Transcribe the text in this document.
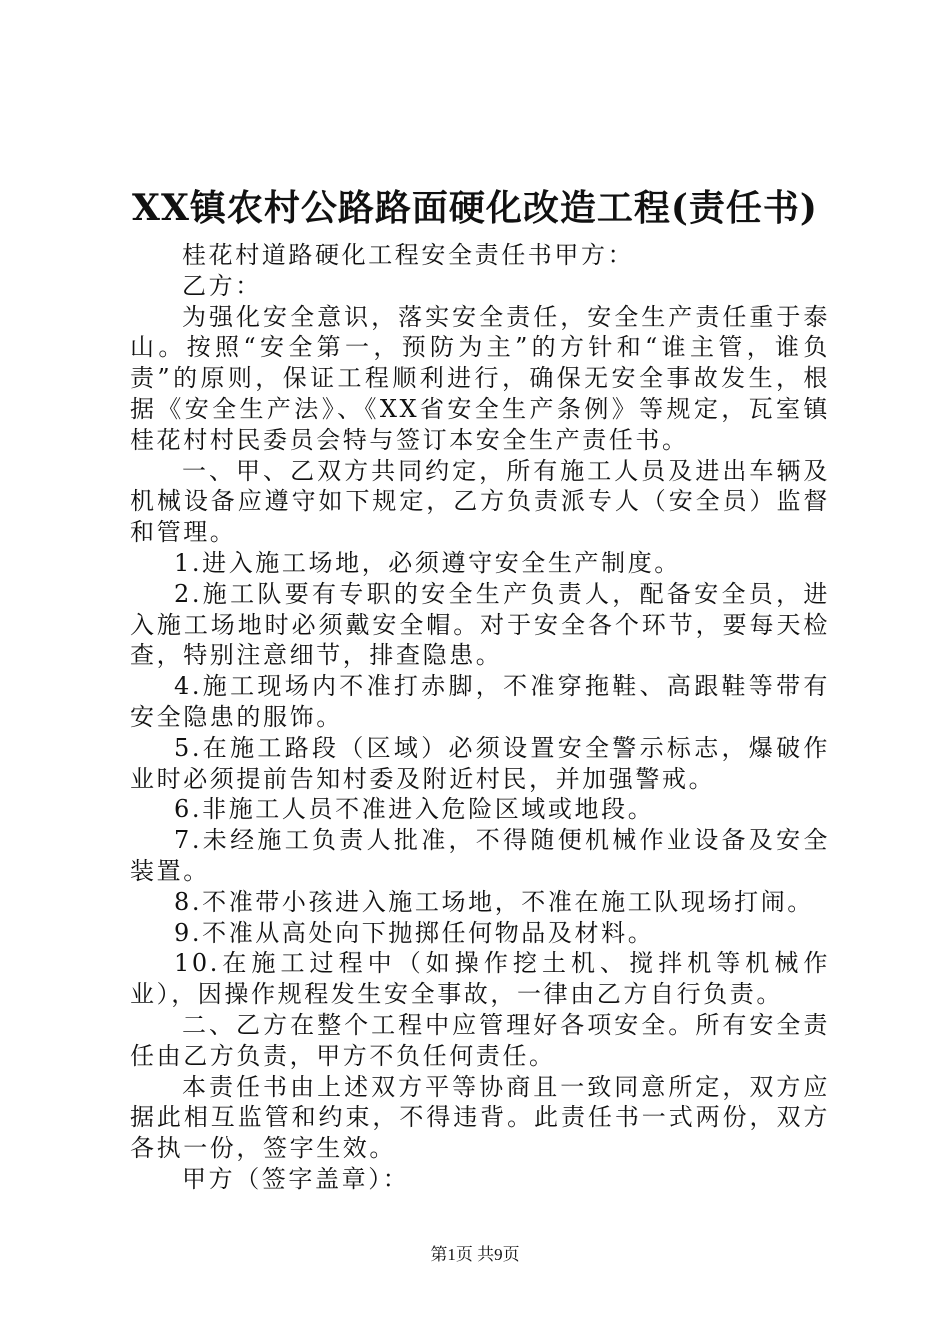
XX镇农村公路路面硬化改造工程(责任书)

桂花村道路硬化工程安全责任书甲方：

乙方：

为强化安全意识，落实安全责任，安全生产责任重于泰山。按照“安全第一，预防为主”的方针和“谁主管，谁负责”的原则，保证工程顺利进行，确保无安全事故发生，根据《安全生产法》、《XX省安全生产条例》等规定，瓦室镇桂花村村民委员会特与签订本安全生产责任书。

一、甲、乙双方共同约定，所有施工人员及进出车辆及机械设备应遵守如下规定，乙方负责派专人（安全员）监督和管理。

1.进入施工场地，必须遵守安全生产制度。

2.施工队要有专职的安全生产负责人，配备安全员，进入施工场地时必须戴安全帽。对于安全各个环节，要每天检查，特别注意细节，排查隐患。

4.施工现场内不准打赤脚，不准穿拖鞋、高跟鞋等带有安全隐患的服饰。

5.在施工路段（区域）必须设置安全警示标志，爆破作业时必须提前告知村委及附近村民，并加强警戒。

6.非施工人员不准进入危险区域或地段。

7.未经施工负责人批准，不得随便机械作业设备及安全装置。

8.不准带小孩进入施工场地，不准在施工队现场打闹。

9.不准从高处向下抛掷任何物品及材料。

10.在施工过程中（如操作挖土机、搅拌机等机械作业），因操作规程发生安全事故，一律由乙方自行负责。

二、乙方在整个工程中应管理好各项安全。所有安全责任由乙方负责，甲方不负任何责任。

本责任书由上述双方平等协商且一致同意所定，双方应据此相互监管和约束，不得违背。此责任书一式两份，双方各执一份，签字生效。

甲方（签字盖章）：

第1页 共9页
